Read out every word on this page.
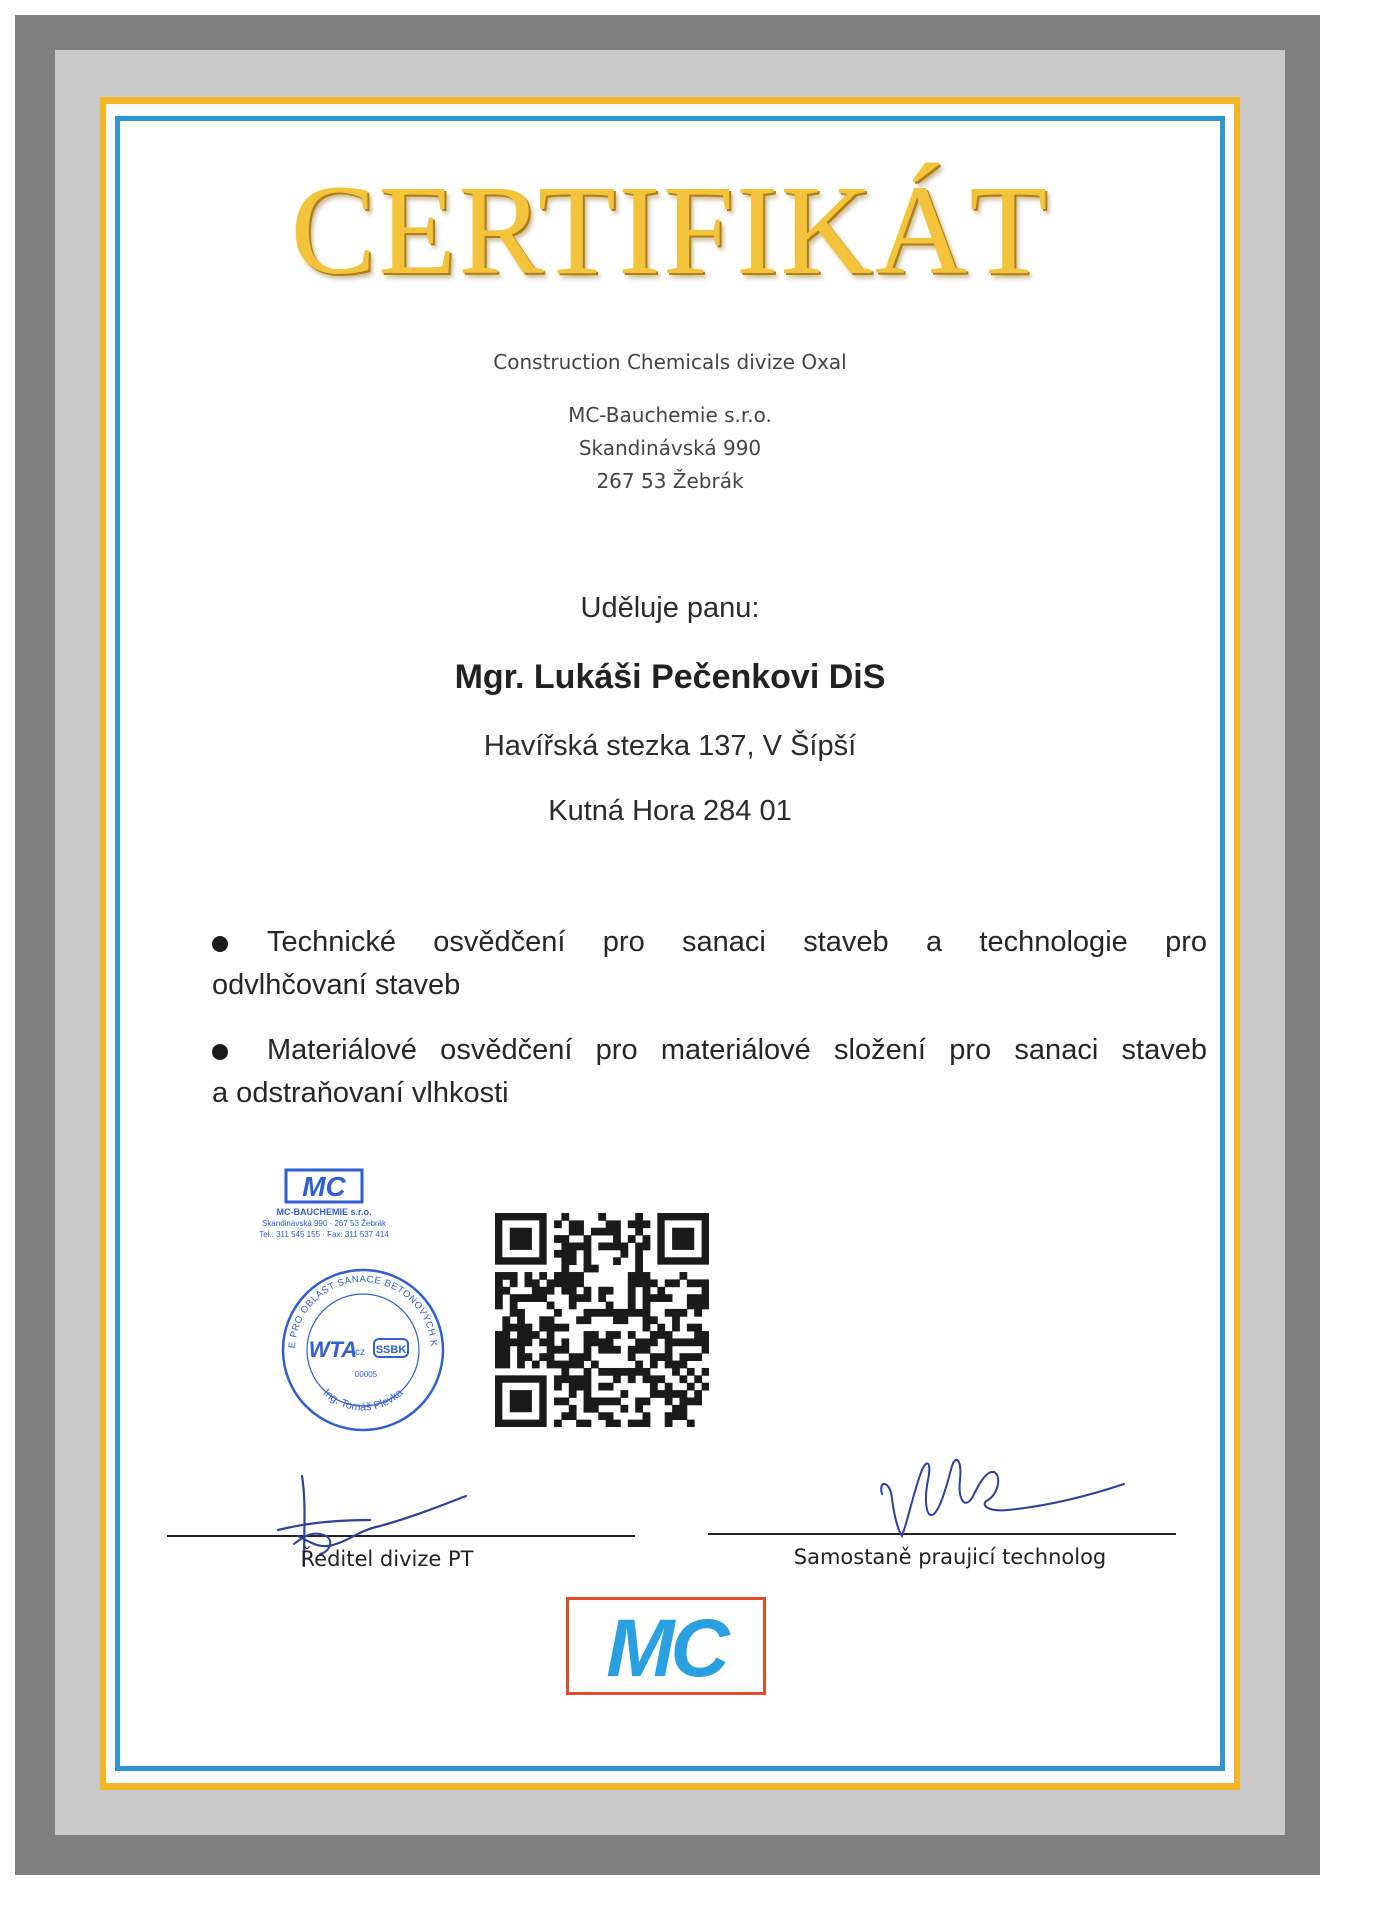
CERTIFIKÁT
Construction Chemicals divize Oxal
MC-Bauchemie s.r.o.
Skandinávská 990
267 53 Žebrák
Uděluje panu:
Mgr. Lukáši Pečenkovi DiS
Havířská stezka 137, V Šípší
Kutná Hora 284 01
Technické osvědčení pro sanaci staveb a technologie pro
odvlhčovaní staveb
Materiálové osvědčení pro materiálové složení pro sanaci staveb
a odstraňovaní vlhkosti
MC
MC-BAUCHEMIE s.r.o.
Skandinávská 990 · 267 53 Žebrák
Tel.: 311 545 155 · Fax: 311 537 414
E PRO OBLAST SANACE BETONOVÝCH K
WTA
cz SSBK
00005
Ing. Tomáš Plevka
Ředitel divize PT	Samostaně praujicí technolog
MC
